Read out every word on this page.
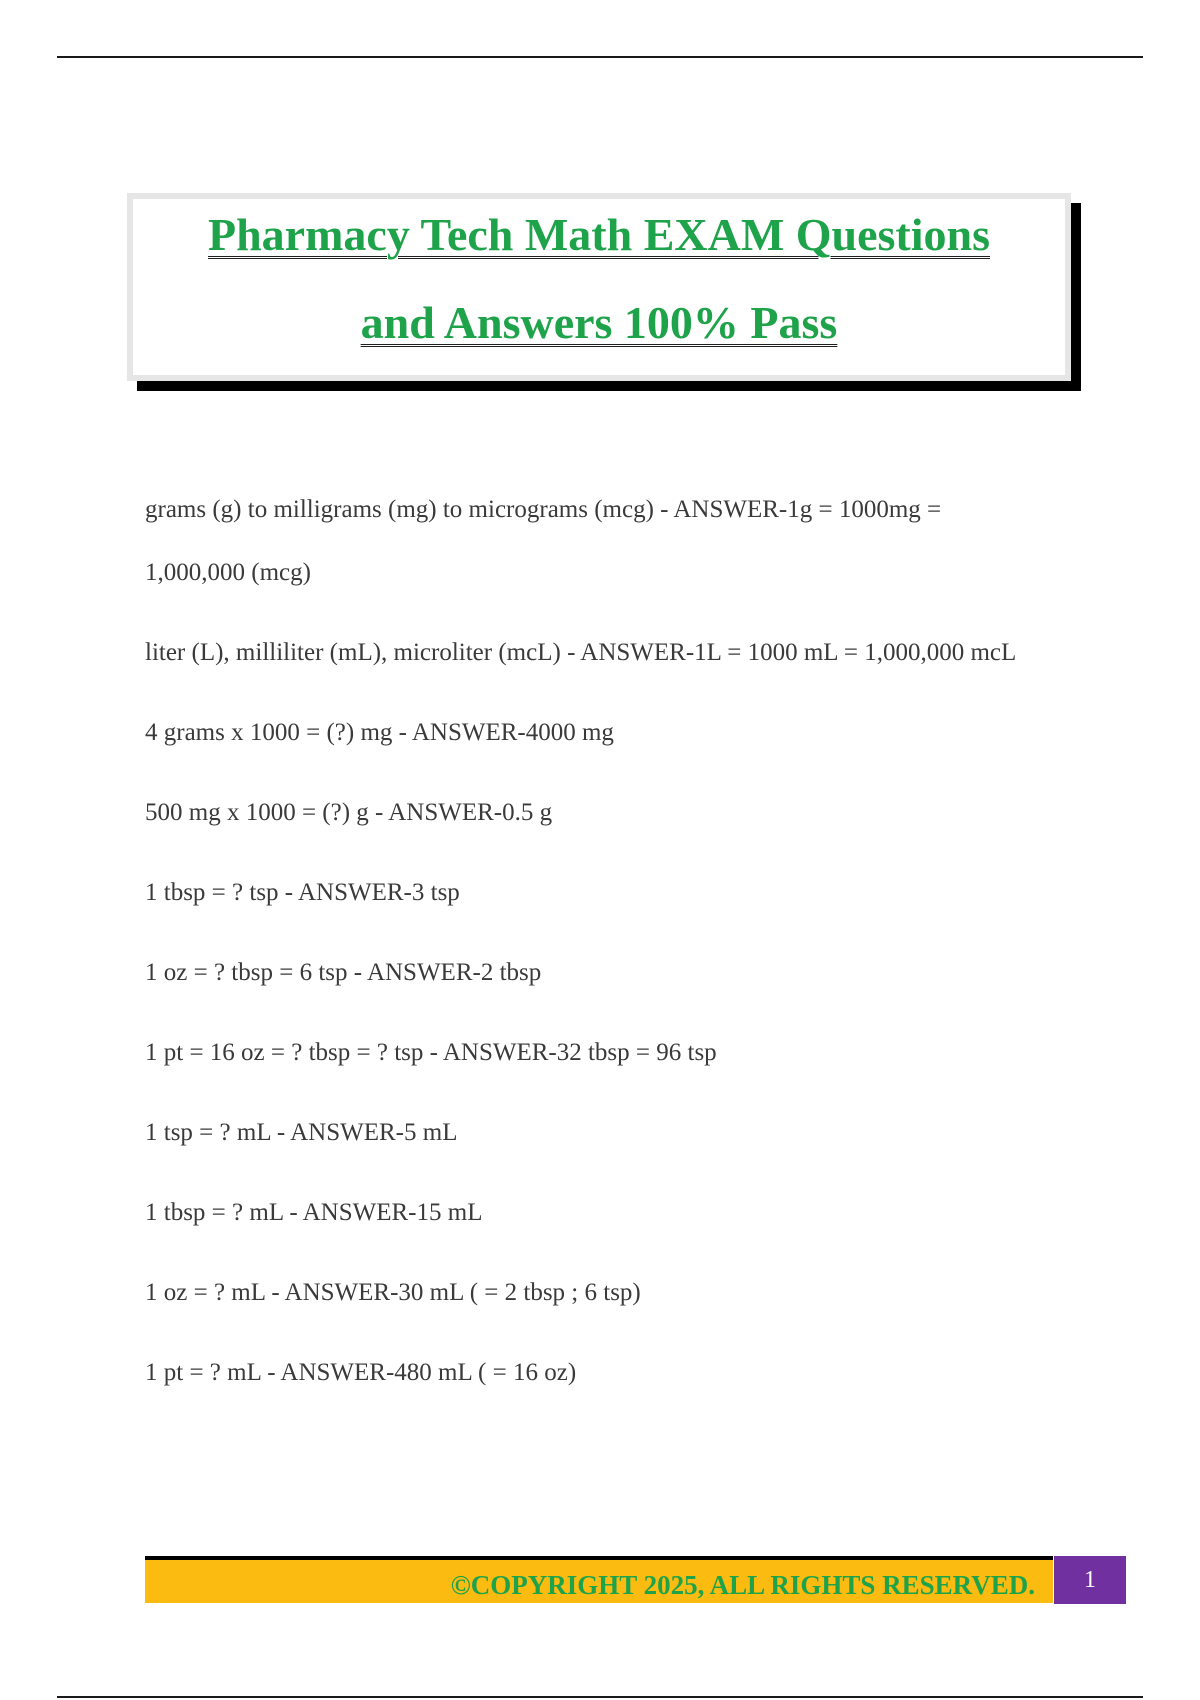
Pharmacy Tech Math EXAM Questions
and Answers 100% Pass
grams (g) to milligrams (mg) to micrograms (mcg) - ANSWER-1g = 1000mg = 1,000,000 (mcg)
liter (L), milliliter (mL), microliter (mcL) - ANSWER-1L = 1000 mL = 1,000,000 mcL
4 grams x 1000 = (?) mg - ANSWER-4000 mg
500 mg x 1000 = (?) g - ANSWER-0.5 g
1 tbsp = ? tsp - ANSWER-3 tsp
1 oz = ? tbsp = 6 tsp - ANSWER-2 tbsp
1 pt = 16 oz = ? tbsp = ? tsp - ANSWER-32 tbsp = 96 tsp
1 tsp = ? mL - ANSWER-5 mL
1 tbsp = ? mL - ANSWER-15 mL
1 oz = ? mL - ANSWER-30 mL ( = 2 tbsp ; 6 tsp)
1 pt = ? mL - ANSWER-480 mL ( = 16 oz)
©COPYRIGHT 2025, ALL RIGHTS RESERVED.	1
